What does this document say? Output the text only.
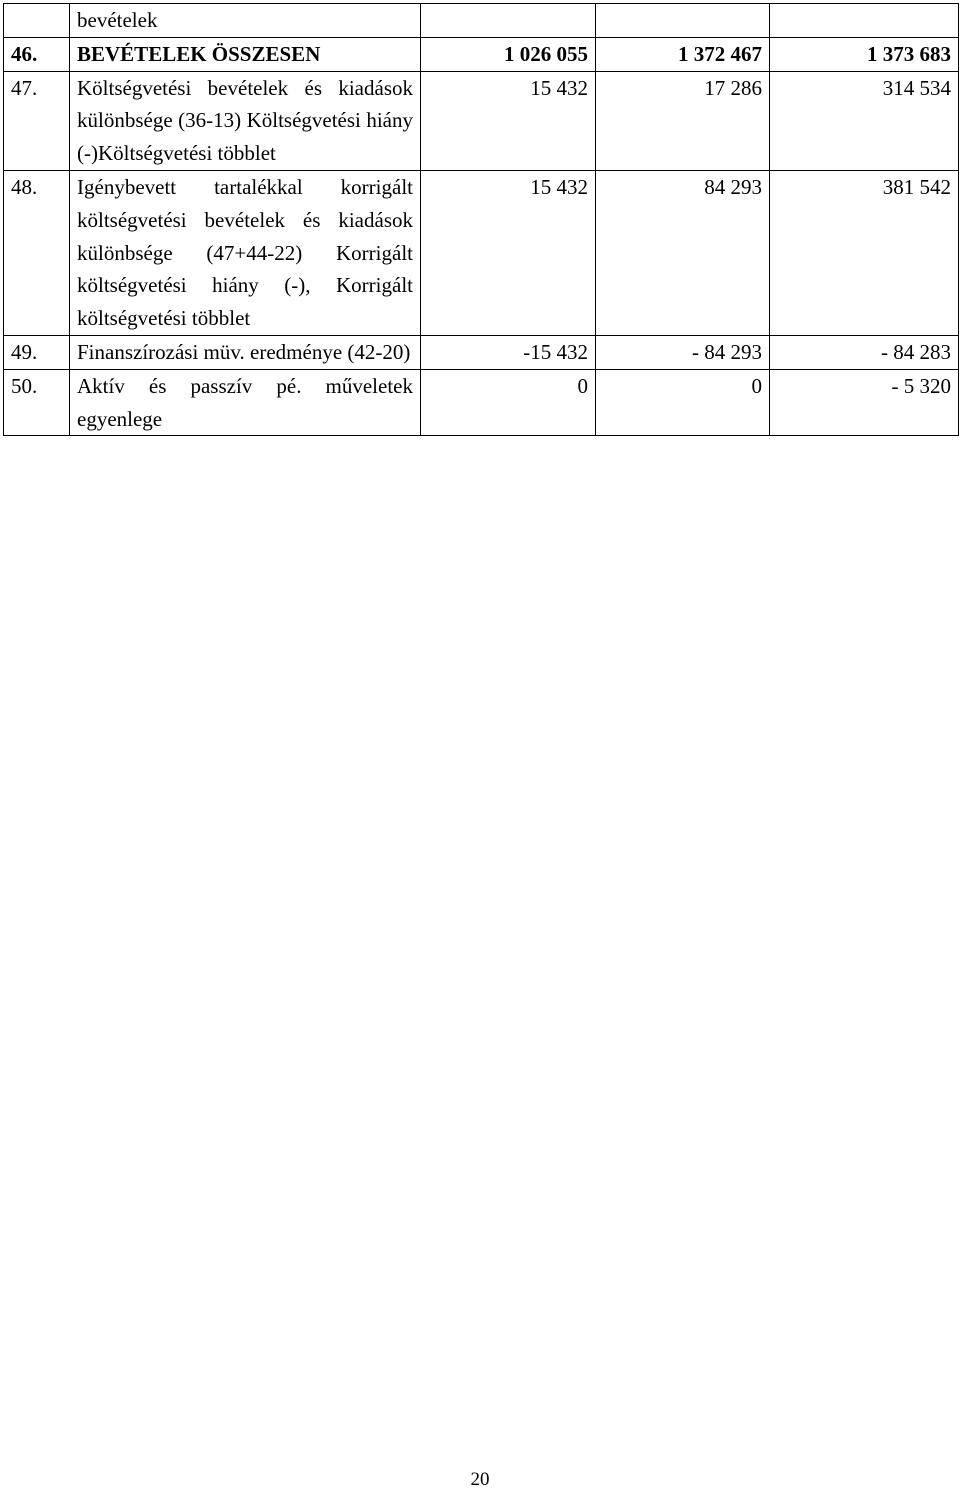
	bevételek			
46.	BEVÉTELEK ÖSSZESEN	1 026 055	1 372 467	1 373 683
47.	Költségvetési bevételek és kiadások különbsége (36-13) Költségvetési hiány (-)Költségvetési többlet	15 432	17 286	314 534
48.	Igénybevett tartalékkal korrigált költségvetési bevételek és kiadások különbsége (47+44-22) Korrigált költségvetési hiány (-), Korrigált költségvetési többlet	15 432	84 293	381 542
49.	Finanszírozási müv. eredménye (42-20)	-15 432	- 84 293	- 84 283
50.	Aktív és passzív pé. műveletek egyenlege	0	0	- 5 320
20
